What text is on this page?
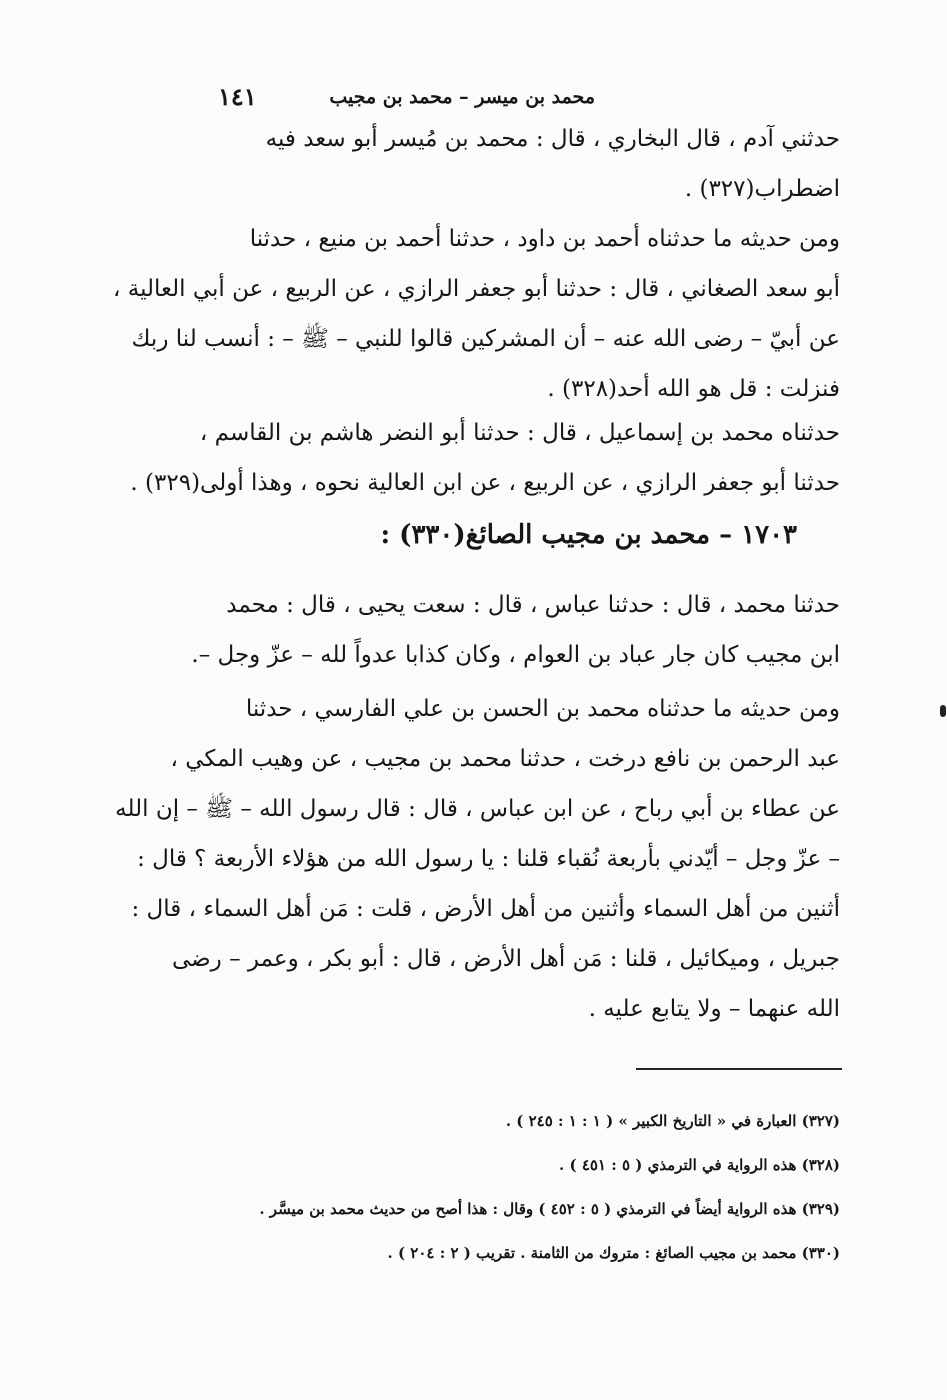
محمد بن ميسر – محمد بن مجيب
١٤١
حدثني آدم ، قال البخاري ، قال : محمد بن مُيسر أبو سعد فيه
اضطراب(٣٢٧) .
ومن حديثه ما حدثناه أحمد بن داود ، حدثنا أحمد بن منيع ، حدثنا
أبو سعد الصغاني ، قال : حدثنا أبو جعفر الرازي ، عن الربيع ، عن أبي العالية ،
عن أبيّ – رضى الله عنه – أن المشركين قالوا للنبي – ﷺ – : أنسب لنا ربك
فنزلت : قل هو الله أحد(٣٢٨) .
حدثناه محمد بن إسماعيل ، قال : حدثنا أبو النضر هاشم بن القاسم ،
حدثنا أبو جعفر الرازي ، عن الربيع ، عن ابن العالية نحوه ، وهذا أولى(٣٢٩) .
١٧٠٣ – محمد بن مجيب الصائغ(٣٣٠) :
حدثنا محمد ، قال : حدثنا عباس ، قال : سعت يحيى ، قال : محمد
ابن مجيب كان جار عباد بن العوام ، وكان كذابا عدواً لله – عزّ وجل –.
ومن حديثه ما حدثناه محمد بن الحسن بن علي الفارسي ، حدثنا
عبد الرحمن بن نافع درخت ، حدثنا محمد بن مجيب ، عن وهيب المكي ،
عن عطاء بن أبي رباح ، عن ابن عباس ، قال : قال رسول الله – ﷺ – إن الله
– عزّ وجل – أيّدني بأربعة نُقباء قلنا : يا رسول الله من هؤلاء الأربعة ؟ قال :
أثنين من أهل السماء وأثنين من أهل الأرض ، قلت : مَن أهل السماء ، قال :
جبريل ، وميكائيل ، قلنا : مَن أهل الأرض ، قال : أبو بكر ، وعمر – رضى
الله عنهما – ولا يتابع عليه .
(٣٢٧) العبارة في « التاريخ الكبير » ( ١ : ١ : ٢٤٥ ) .
(٣٢٨) هذه الرواية في الترمذي ( ٥ : ٤٥١ ) .
(٣٢٩) هذه الرواية أيضاً في الترمذي ( ٥ : ٤٥٢ ) وقال : هذا أصح من حديث محمد بن ميسَّر .
(٣٣٠) محمد بن مجيب الصائغ : متروك من الثامنة . تقريب ( ٢ : ٢٠٤ ) .
